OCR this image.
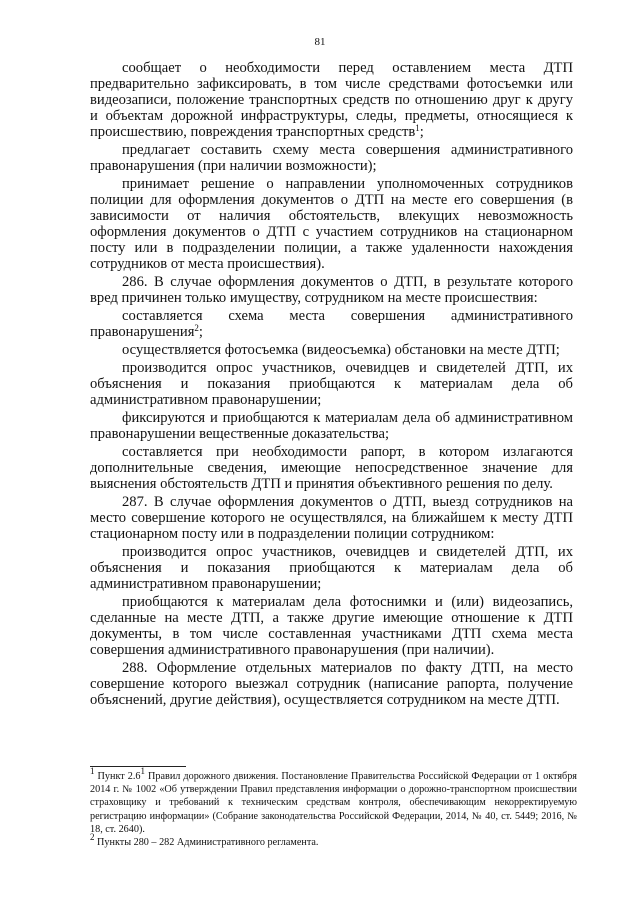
81

сообщает о необходимости перед оставлением места ДТП предварительно зафиксировать, в том числе средствами фотосъемки или видеозаписи, положение транспортных средств по отношению друг к другу и объектам дорожной инфраструктуры, следы, предметы, относящиеся к происшествию, повреждения транспортных средств$^1$;

предлагает составить схему места совершения административного правонарушения (при наличии возможности);

принимает решение о направлении уполномоченных сотрудников полиции для оформления документов о ДТП на месте его совершения (в зависимости от наличия обстоятельств, влекущих невозможность оформления документов о ДТП с участием сотрудников на стационарном посту или в подразделении полиции, а также удаленности нахождения сотрудников от места происшествия).

286. В случае оформления документов о ДТП, в результате которого вред причинен только имуществу, сотрудником на месте происшествия:

составляется схема места совершения административного правонарушения$^2$;

осуществляется фотосъемка (видеосъемка) обстановки на месте ДТП;

производится опрос участников, очевидцев и свидетелей ДТП, их объяснения и показания приобщаются к материалам дела об административном правонарушении;

фиксируются и приобщаются к материалам дела об административном правонарушении вещественные доказательства;

составляется при необходимости рапорт, в котором излагаются дополнительные сведения, имеющие непосредственное значение для выяснения обстоятельств ДТП и принятия объективного решения по делу.

287. В случае оформления документов о ДТП, выезд сотрудников на место совершение которого не осуществлялся, на ближайшем к месту ДТП стационарном посту или в подразделении полиции сотрудником:

производится опрос участников, очевидцев и свидетелей ДТП, их объяснения и показания приобщаются к материалам дела об административном правонарушении;

приобщаются к материалам дела фотоснимки и (или) видеозапись, сделанные на месте ДТП, а также другие имеющие отношение к ДТП документы, в том числе составленная участниками ДТП схема места совершения административного правонарушения (при наличии).

288. Оформление отдельных материалов по факту ДТП, на место совершение которого выезжал сотрудник (написание рапорта, получение объяснений, другие действия), осуществляется сотрудником на месте ДТП.

$^1$ Пункт $2.6^1$ Правил дорожного движения. Постановление Правительства Российской Федерации от 1 октября 2014 г. № 1002 «Об утверждении Правил представления информации о дорожно-транспортном происшествии страховщику и требований к техническим средствам контроля, обеспечивающим некорректируемую регистрацию информации» (Собрание законодательства Российской Федерации, 2014, № 40, ст. 5449; 2016, № 18, ст. 2640).

$^2$ Пункты 280 – 282 Административного регламента.
